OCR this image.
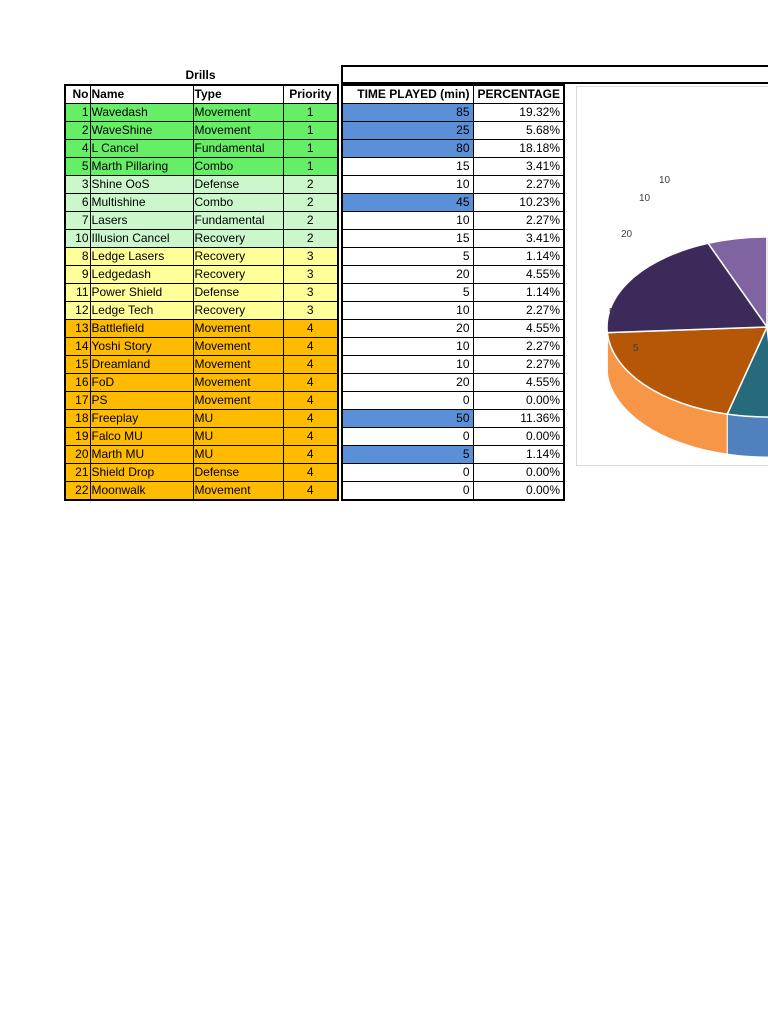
Drills
No	Name	Type	Priority
1	Wavedash	Movement	1
2	WaveShine	Movement	1
4	L Cancel	Fundamental	1
5	Marth Pillaring	Combo	1
3	Shine OoS	Defense	2
6	Multishine	Combo	2
7	Lasers	Fundamental	2
10	Illusion Cancel	Recovery	2
8	Ledge Lasers	Recovery	3
9	Ledgedash	Recovery	3
11	Power Shield	Defense	3
12	Ledge Tech	Recovery	3
13	Battlefield	Movement	4
14	Yoshi Story	Movement	4
15	Dreamland	Movement	4
16	FoD	Movement	4
17	PS	Movement	4
18	Freeplay	MU	4
19	Falco MU	MU	4
20	Marth MU	MU	4
21	Shield Drop	Defense	4
22	Moonwalk	Movement	4
TIME PLAYED (min)	PERCENTAGE
85	19.32%
25	5.68%
80	18.18%
15	3.41%
10	2.27%
45	10.23%
10	2.27%
15	3.41%
5	1.14%
20	4.55%
5	1.14%
10	2.27%
20	4.55%
10	2.27%
10	2.27%
20	4.55%
0	0.00%
50	11.36%
0	0.00%
5	1.14%
0	0.00%
0	0.00%
10
10
20
5
5
